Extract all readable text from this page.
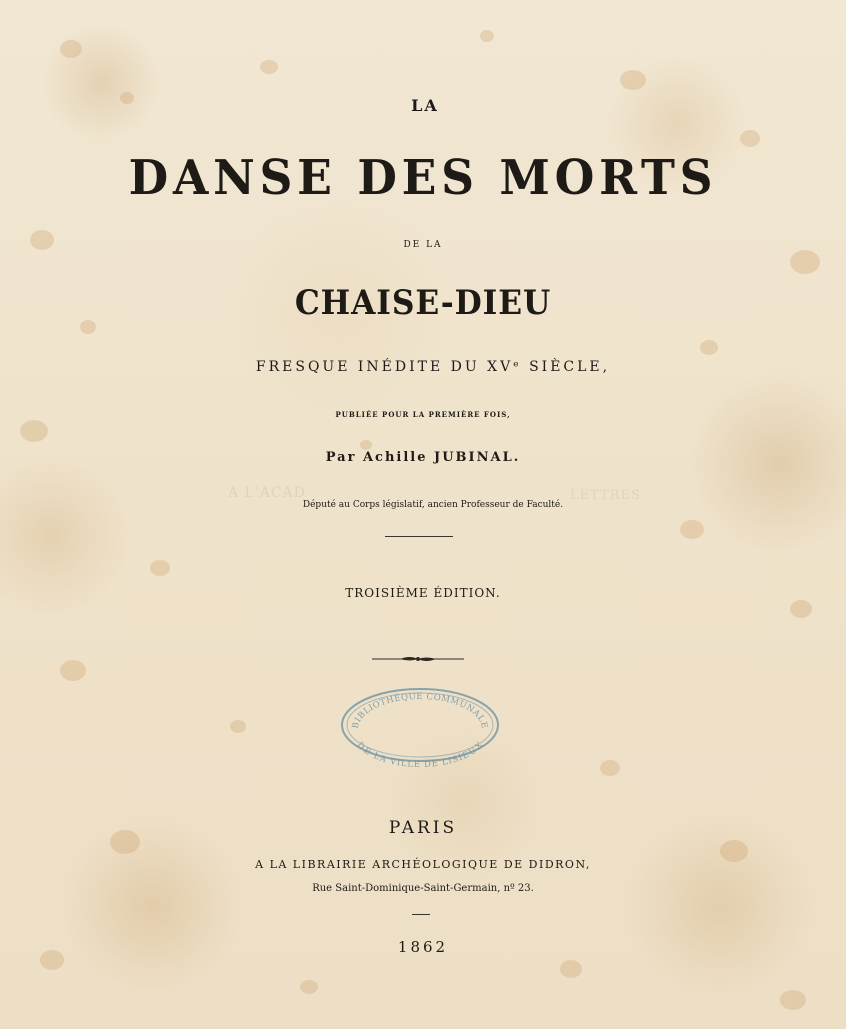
A L'ACAD	LETTRES
LA
DANSE DES MORTS
DE LA
CHAISE-DIEU
FRESQUE INÉDITE DU XVᵉ SIÈCLE,
PUBLIÉE POUR LA PREMIÈRE FOIS,
Par Achille JUBINAL.
Député au Corps législatif, ancien Professeur de Faculté.
TROISIÈME ÉDITION.
BIBLIOTHÈQUE COMMUNALE
DE LA VILLE DE LISIEUX
PARIS
A LA LIBRAIRIE ARCHÉOLOGIQUE DE DIDRON,
Rue Saint-Dominique-Saint-Germain, nº 23.
1862
